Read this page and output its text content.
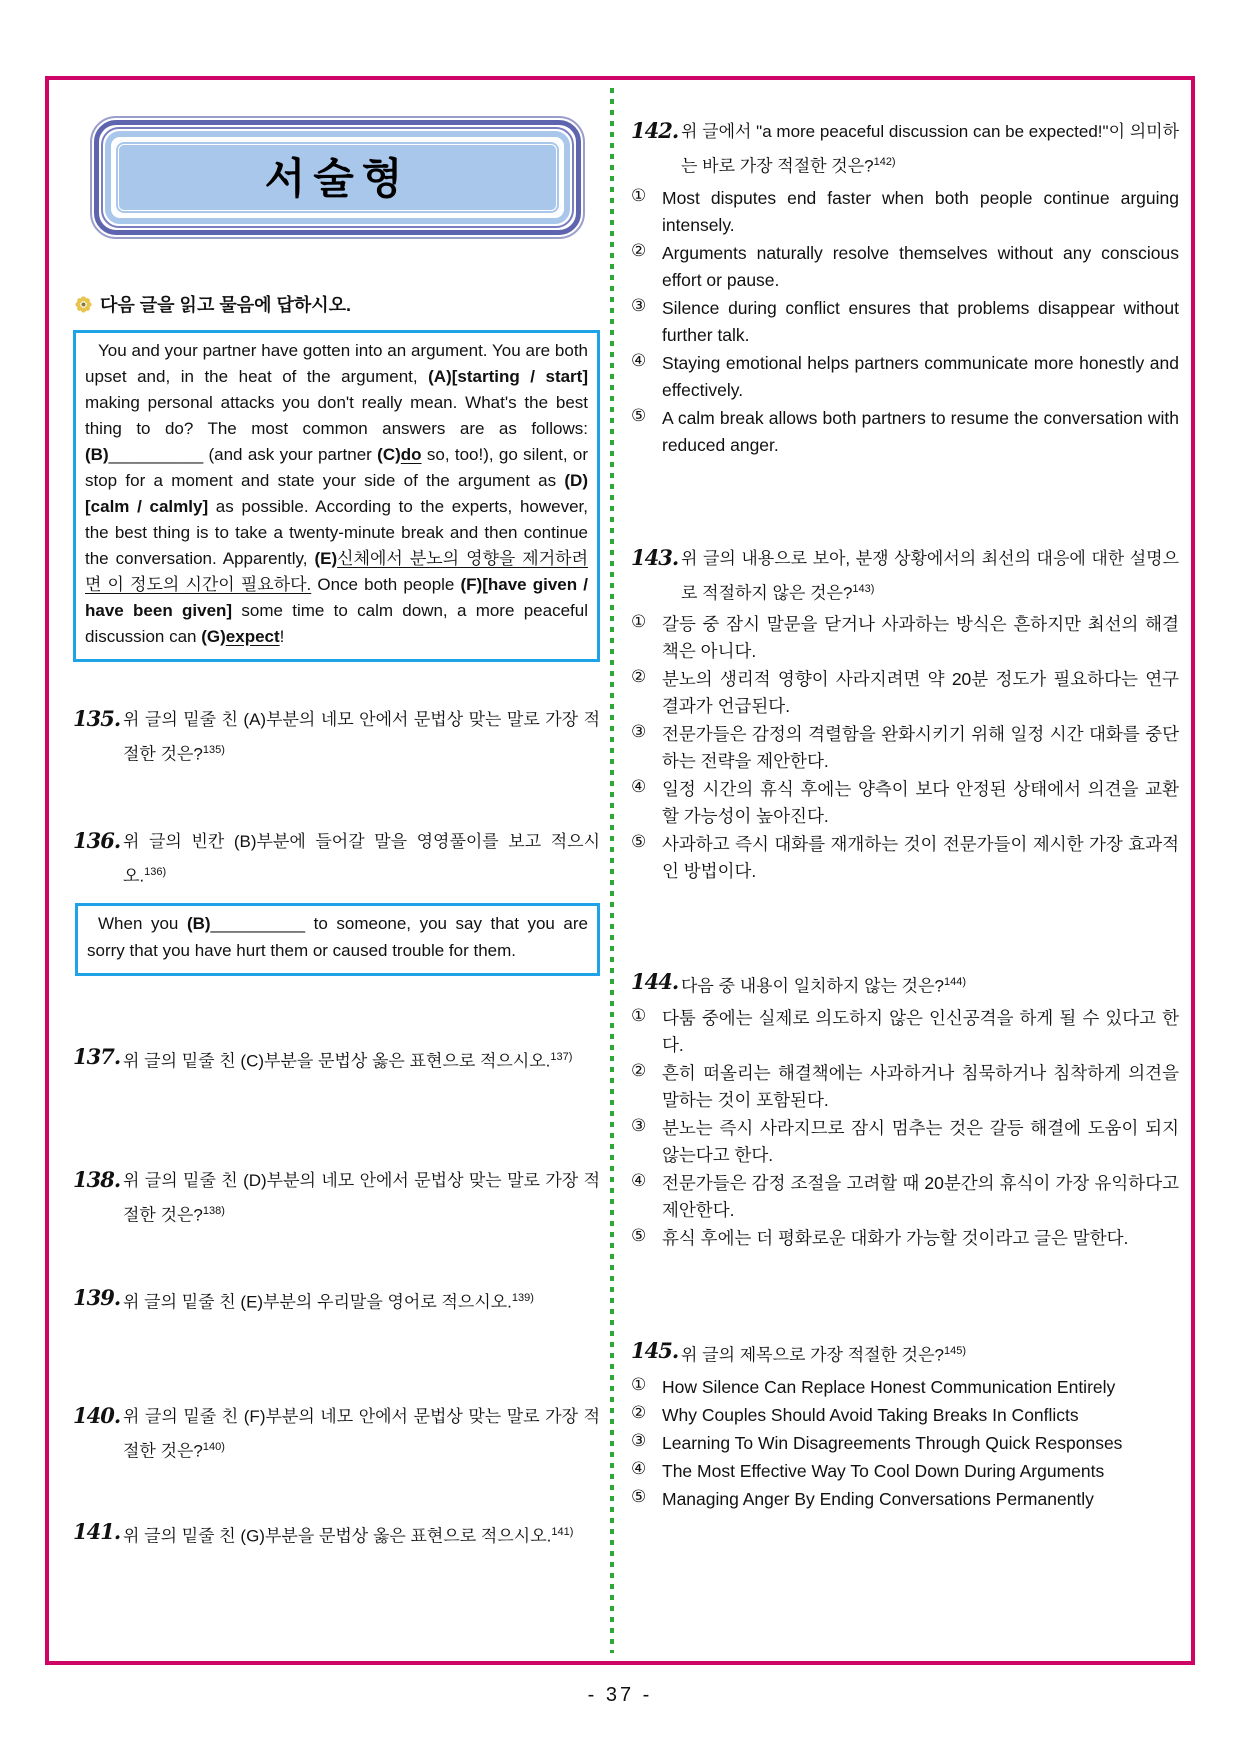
서술형
다음 글을 읽고 물음에 답하시오.
You and your partner have gotten into an argument. You are both upset and, in the heat of the argument, (A)[starting / start] making personal attacks you don't really mean. What's the best thing to do? The most common answers are as follows: (B)__________ (and ask your partner (C)do so, too!), go silent, or stop for a moment and state your side of the argument as (D)[calm / calmly] as possible. According to the experts, however, the best thing is to take a twenty-minute break and then continue the conversation. Apparently, (E)신체에서 분노의 영향을 제거하려면 이 정도의 시간이 필요하다. Once both people (F)[have given / have been given] some time to calm down, a more peaceful discussion can (G)expect!
135. 위 글의 밑줄 친 (A)부분의 네모 안에서 문법상 맞는 말로 가장 적절한 것은?$^{135)}$
136. 위 글의 빈칸 (B)부분에 들어갈 말을 영영풀이를 보고 적으시오.$^{136)}$
When you (B)__________ to someone, you say that you are sorry that you have hurt them or caused trouble for them.
137. 위 글의 밑줄 친 (C)부분을 문법상 옳은 표현으로 적으시오.$^{137)}$
138. 위 글의 밑줄 친 (D)부분의 네모 안에서 문법상 맞는 말로 가장 적절한 것은?$^{138)}$
139. 위 글의 밑줄 친 (E)부분의 우리말을 영어로 적으시오.$^{139)}$
140. 위 글의 밑줄 친 (F)부분의 네모 안에서 문법상 맞는 말로 가장 적절한 것은?$^{140)}$
141. 위 글의 밑줄 친 (G)부분을 문법상 옳은 표현으로 적으시오.$^{141)}$
142. 위 글에서 "a more peaceful discussion can be expected!"이 의미하는 바로 가장 적절한 것은?$^{142)}$
① Most disputes end faster when both people continue arguing intensely.
② Arguments naturally resolve themselves without any conscious effort or pause.
③ Silence during conflict ensures that problems disappear without further talk.
④ Staying emotional helps partners communicate more honestly and effectively.
⑤ A calm break allows both partners to resume the conversation with reduced anger.
143. 위 글의 내용으로 보아, 분쟁 상황에서의 최선의 대응에 대한 설명으로 적절하지 않은 것은?$^{143)}$
① 갈등 중 잠시 말문을 닫거나 사과하는 방식은 흔하지만 최선의 해결책은 아니다.
② 분노의 생리적 영향이 사라지려면 약 20분 정도가 필요하다는 연구 결과가 언급된다.
③ 전문가들은 감정의 격렬함을 완화시키기 위해 일정 시간 대화를 중단하는 전략을 제안한다.
④ 일정 시간의 휴식 후에는 양측이 보다 안정된 상태에서 의견을 교환할 가능성이 높아진다.
⑤ 사과하고 즉시 대화를 재개하는 것이 전문가들이 제시한 가장 효과적인 방법이다.
144. 다음 중 내용이 일치하지 않는 것은?$^{144)}$
① 다툼 중에는 실제로 의도하지 않은 인신공격을 하게 될 수 있다고 한다.
② 흔히 떠올리는 해결책에는 사과하거나 침묵하거나 침착하게 의견을 말하는 것이 포함된다.
③ 분노는 즉시 사라지므로 잠시 멈추는 것은 갈등 해결에 도움이 되지 않는다고 한다.
④ 전문가들은 감정 조절을 고려할 때 20분간의 휴식이 가장 유익하다고 제안한다.
⑤ 휴식 후에는 더 평화로운 대화가 가능할 것이라고 글은 말한다.
145. 위 글의 제목으로 가장 적절한 것은?$^{145)}$
① How Silence Can Replace Honest Communication Entirely
② Why Couples Should Avoid Taking Breaks In Conflicts
③ Learning To Win Disagreements Through Quick Responses
④ The Most Effective Way To Cool Down During Arguments
⑤ Managing Anger By Ending Conversations Permanently
- 37 -
